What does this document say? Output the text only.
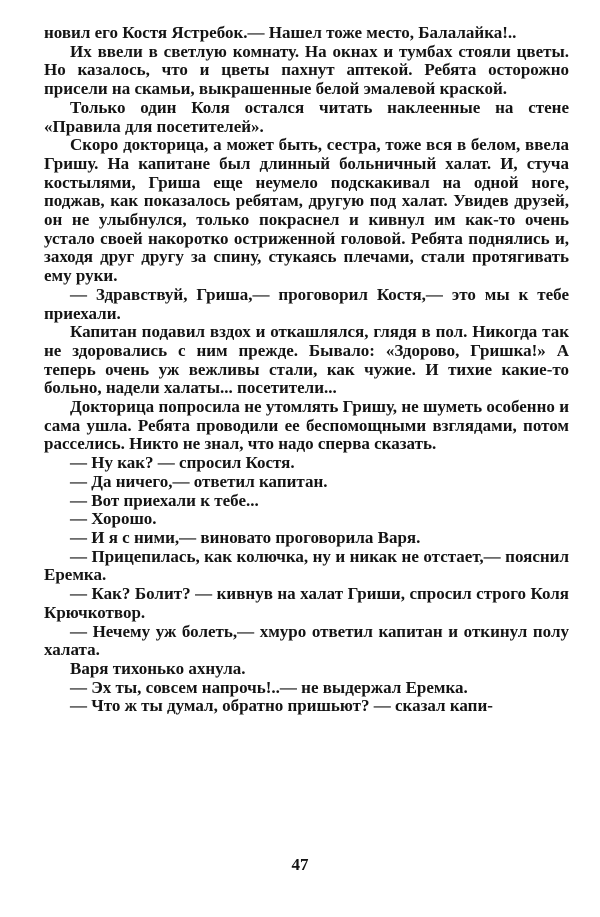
новил его Костя Ястребок.— Нашел тоже место, Балалайка!..

Их ввели в светлую комнату. На окнах и тумбах стояли цветы. Но казалось, что и цветы пахнут аптекой. Ребята осторожно присели на скамьи, выкрашенные белой эмалевой краской.

Только один Коля остался читать наклеенные на стене «Правила для посетителей».

Скоро докторица, а может быть, сестра, тоже вся в белом, ввела Гришу. На капитане был длинный больничный халат. И, стуча костылями, Гриша еще неумело подскакивал на одной ноге, поджав, как показалось ребятам, другую под халат. Увидев друзей, он не улыбнулся, только покраснел и кивнул им как-то очень устало своей накоротко остриженной головой. Ребята поднялись и, заходя друг другу за спину, стукаясь плечами, стали протягивать ему руки.

— Здравствуй, Гриша,— проговорил Костя,— это мы к тебе приехали.

Капитан подавил вздох и откашлялся, глядя в пол. Никогда так не здоровались с ним прежде. Бывало: «Здорово, Гришка!» А теперь очень уж вежливы стали, как чужие. И тихие какие-то больно, надели халаты... посетители...

Докторица попросила не утомлять Гришу, не шуметь особенно и сама ушла. Ребята проводили ее беспомощными взглядами, потом расселись. Никто не знал, что надо сперва сказать.

— Ну как? — спросил Костя.

— Да ничего,— ответил капитан.

— Вот приехали к тебе...

— Хорошо.

— И я с ними,— виновато проговорила Варя.

— Прицепилась, как колючка, ну и никак не отстает,— пояснил Еремка.

— Как? Болит? — кивнув на халат Гриши, спросил строго Коля Крючкотвор.

— Нечему уж болеть,— хмуро ответил капитан и откинул полу халата.

Варя тихонько ахнула.

— Эх ты, совсем напрочь!..— не выдержал Еремка.

— Что ж ты думал, обратно пришьют? — сказал капи-

47
